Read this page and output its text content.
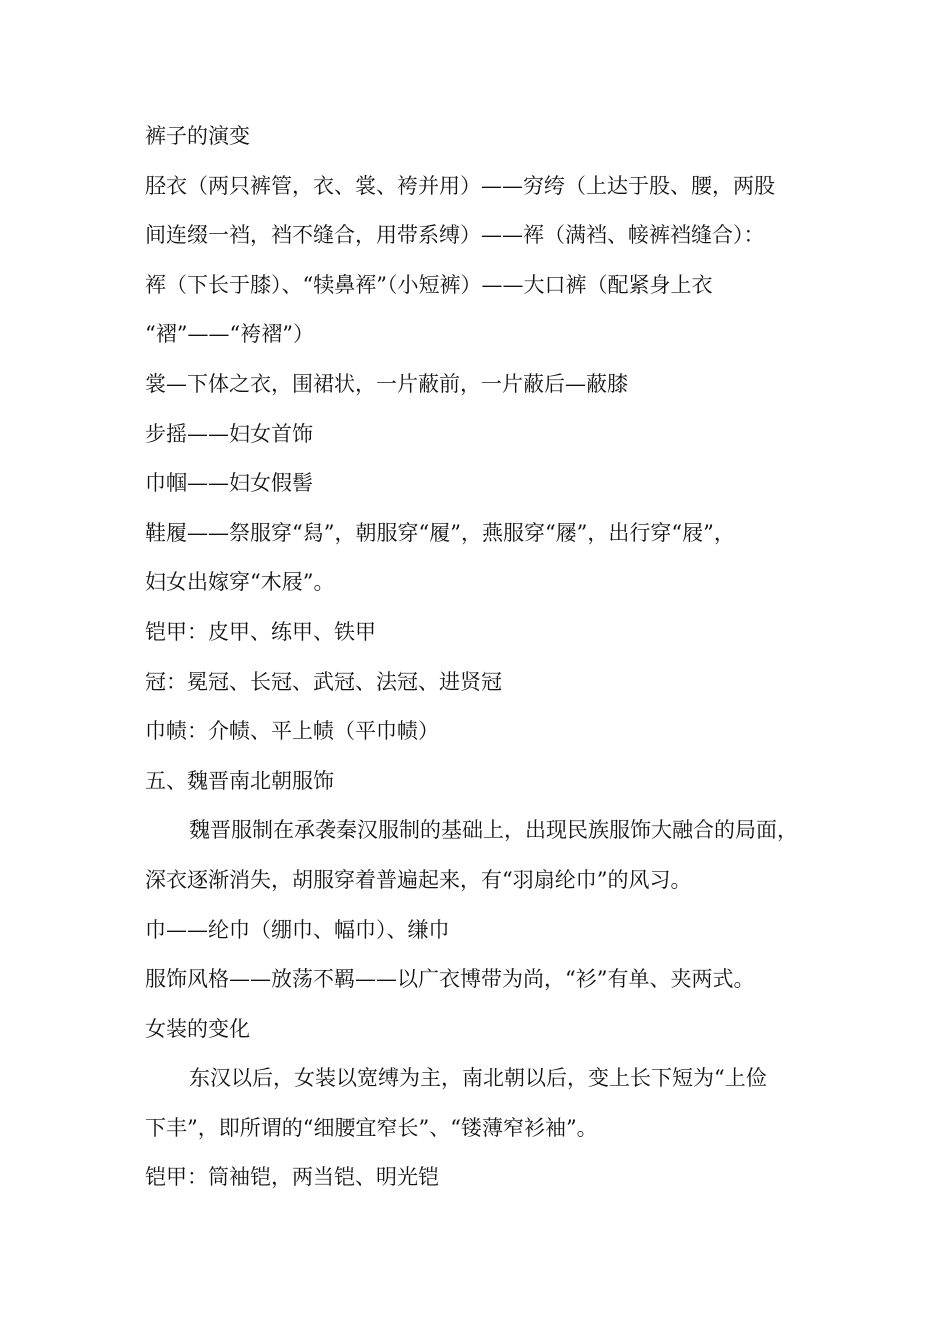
裤子的演变

胫衣（两只裤管，衣、裳、袴并用）——穷绔（上达于股、腰，两股

间连缀一裆，裆不缝合，用带系缚）——裈（满裆、帹裤裆缝合）：

裈（下长于膝）、“犊鼻裈”（小短裤）——大口裤（配紧身上衣

“褶”——“袴褶”）

裳—下体之衣，围裙状，一片蔽前，一片蔽后—蔽膝

步摇——妇女首饰

巾帼——妇女假髻

鞋履——祭服穿“舄”，朝服穿“履”，燕服穿“屦”，出行穿“屐”，

妇女出嫁穿“木屐”。

铠甲：皮甲、练甲、铁甲

冠：冕冠、长冠、武冠、法冠、进贤冠

巾帻：介帻、平上帻（平巾帻）

五、魏晋南北朝服饰

魏晋服制在承袭秦汉服制的基础上，出现民族服饰大融合的局面，

深衣逐渐消失，胡服穿着普遍起来，有“羽扇纶巾”的风习。

巾——纶巾（绷巾、幅巾）、缣巾

服饰风格——放荡不羁——以广衣博带为尚，“衫”有单、夹两式。

女装的变化

东汉以后，女装以宽缚为主，南北朝以后，变上长下短为“上俭

下丰”，即所谓的“细腰宜窄长”、“镂薄窄衫袖”。

铠甲：筒袖铠，两当铠、明光铠
